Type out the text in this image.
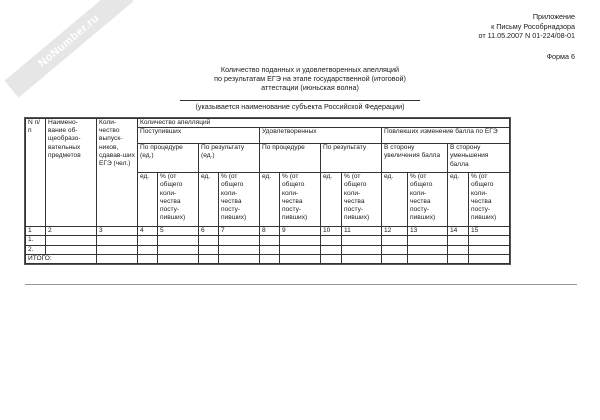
NoNumber.ru	Приложение
к Письму Рособрнадзора
от 11.05.2007 N 01-224/08-01
Форма 6
Количество поданных и удовлетворенных апелляций
по результатам ЕГЭ на этапе государственной (итоговой)
аттестации (июньская волна)
(указывается наименование субъекта Российской Федерации)
N п/п	Наимено-вание об-щеобразо-вательных предметов	Коли-чество выпуск-ников, сдавав-ших ЕГЭ (чел.)	Количество апелляций											
			Поступивших				Удовлетворенных				Повлекших изменение балла по ЕГЭ			
			По процедуре (ед.)		По результату (ед.)		По процедуре		По результату		В сторону увеличения балла		В сторону уменьшения балла	
			ед.	% (от общего коли-чества посту-пивших)	ед.	% (от общего коли-чества посту-пивших)	ед.	% (от общего коли-чества посту-пивших)	ед.	% (от общего коли-чества посту-пивших)	ед.	% (от общего коли-чества посту-пивших)	ед.	% (от общего коли-чества посту-пивших)
1	2	3	4	5	6	7	8	9	10	11	12	13	14	15
1.														
2.														
ИТОГО:														
